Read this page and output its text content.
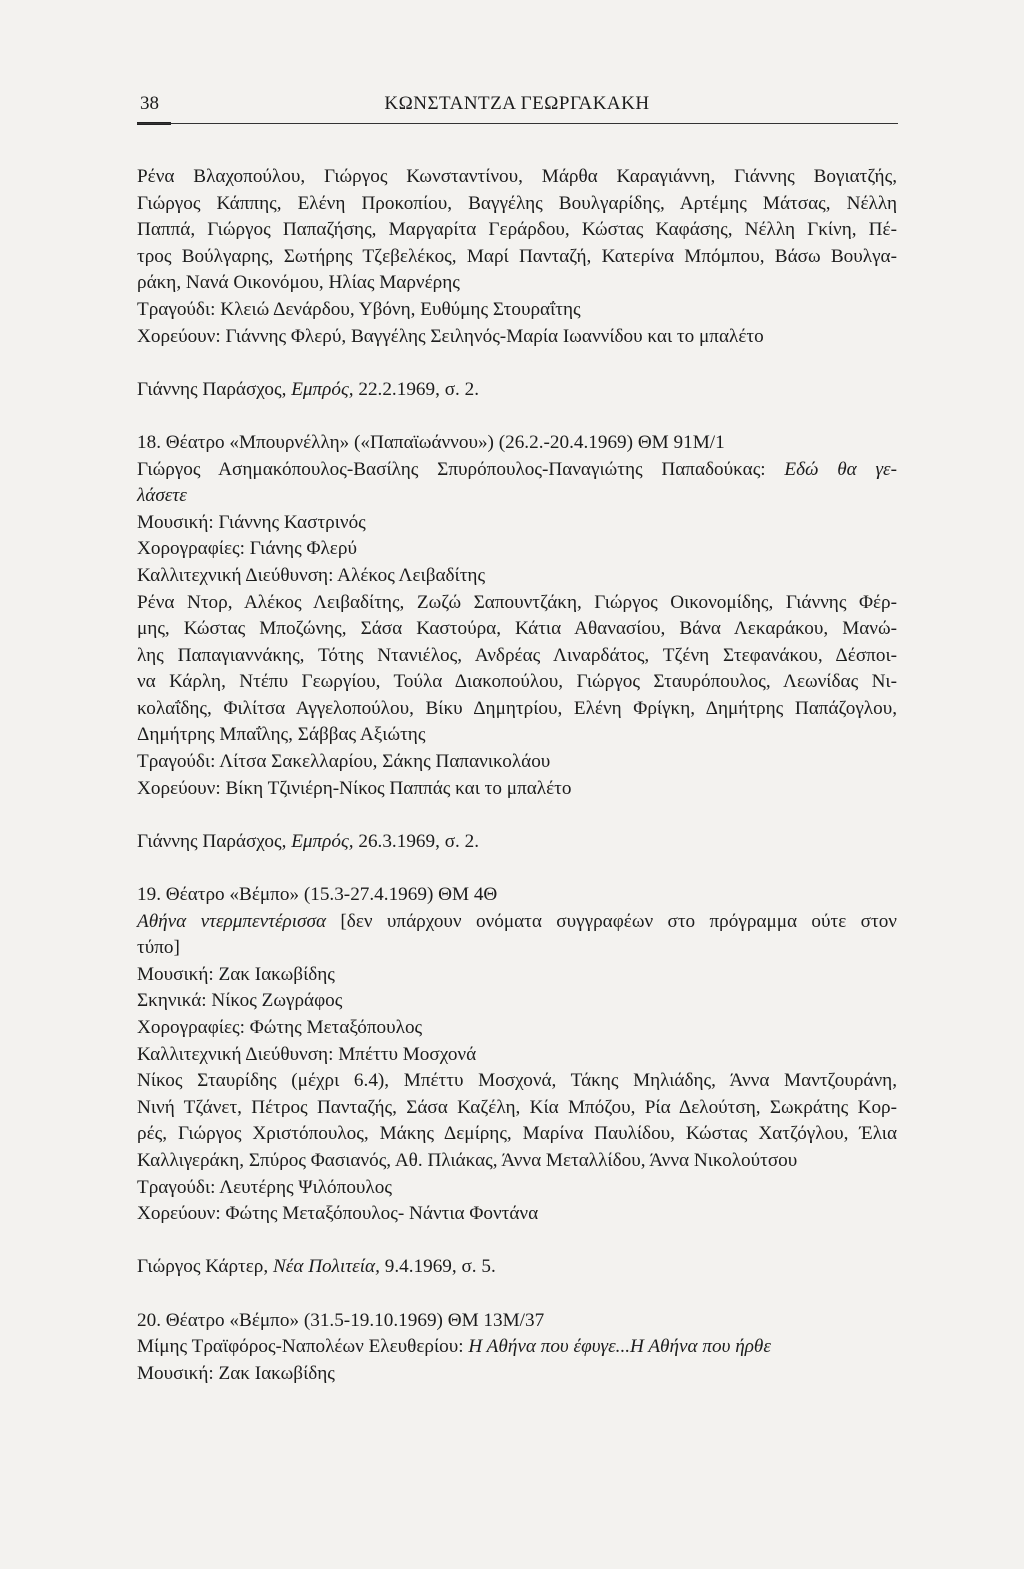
38	ΚΩΝΣΤΑΝΤΖΑ ΓΕΩΡΓΑΚΑΚΗ
Ρένα Βλαχοπούλου, Γιώργος Κωνσταντίνου, Μάρθα Καραγιάννη, Γιάννης Βογιατζής,
Γιώργος Κάππης, Ελένη Προκοπίου, Βαγγέλης Βουλγαρίδης, Αρτέμης Μάτσας, Νέλλη
Παππά, Γιώργος Παπαζήσης, Μαργαρίτα Γεράρδου, Κώστας Καφάσης, Νέλλη Γκίνη, Πέ-
τρος Βούλγαρης, Σωτήρης Τζεβελέκος, Μαρί Πανταζή, Κατερίνα Μπόμπου, Βάσω Βουλγα-
ράκη, Νανά Οικονόμου, Ηλίας Μαρνέρης
Τραγούδι: Κλειώ Δενάρδου, Υβόνη, Ευθύμης Στουραΐτης
Χορεύουν: Γιάννης Φλερύ, Βαγγέλης Σειληνός-Μαρία Ιωαννίδου και το μπαλέτο
Γιάννης Παράσχος, Εμπρός, 22.2.1969, σ. 2.
18. Θέατρο «Μπουρνέλλη» («Παπαϊωάννου») (26.2.-20.4.1969) ΘΜ 91Μ/1
Γιώργος Ασημακόπουλος-Βασίλης Σπυρόπουλος-Παναγιώτης Παπαδούκας: Εδώ θα γε-
λάσετε
Μουσική: Γιάννης Καστρινός
Χορογραφίες: Γιάνης Φλερύ
Καλλιτεχνική Διεύθυνση: Αλέκος Λειβαδίτης
Ρένα Ντορ, Αλέκος Λειβαδίτης, Ζωζώ Σαπουντζάκη, Γιώργος Οικονομίδης, Γιάννης Φέρ-
μης, Κώστας Μποζώνης, Σάσα Καστούρα, Κάτια Αθανασίου, Βάνα Λεκαράκου, Μανώ-
λης Παπαγιαννάκης, Τότης Ντανιέλος, Ανδρέας Λιναρδάτος, Τζένη Στεφανάκου, Δέσποι-
να Κάρλη, Ντέπυ Γεωργίου, Τούλα Διακοπούλου, Γιώργος Σταυρόπουλος, Λεωνίδας Νι-
κολαΐδης, Φιλίτσα Αγγελοπούλου, Βίκυ Δημητρίου, Ελένη Φρίγκη, Δημήτρης Παπάζογλου,
Δημήτρης Μπαΐλης, Σάββας Αξιώτης
Τραγούδι: Λίτσα Σακελλαρίου, Σάκης Παπανικολάου
Χορεύουν: Βίκη Τζινιέρη-Νίκος Παππάς και το μπαλέτο
Γιάννης Παράσχος, Εμπρός, 26.3.1969, σ. 2.
19. Θέατρο «Βέμπο» (15.3-27.4.1969) ΘΜ 4Θ
Αθήνα ντερμπεντέρισσα [δεν υπάρχουν ονόματα συγγραφέων στο πρόγραμμα ούτε στον
τύπο]
Μουσική: Ζακ Ιακωβίδης
Σκηνικά: Νίκος Ζωγράφος
Χορογραφίες: Φώτης Μεταξόπουλος
Καλλιτεχνική Διεύθυνση: Μπέττυ Μοσχονά
Νίκος Σταυρίδης (μέχρι 6.4), Μπέττυ Μοσχονά, Τάκης Μηλιάδης, Άννα Μαντζουράνη,
Νινή Τζάνετ, Πέτρος Πανταζής, Σάσα Καζέλη, Κία Μπόζου, Ρία Δελούτση, Σωκράτης Κορ-
ρές, Γιώργος Χριστόπουλος, Μάκης Δεμίρης, Μαρίνα Παυλίδου, Κώστας Χατζόγλου, Έλια
Καλλιγεράκη, Σπύρος Φασιανός, Αθ. Πλιάκας, Άννα Μεταλλίδου, Άννα Νικολούτσου
Τραγούδι: Λευτέρης Ψιλόπουλος
Χορεύουν: Φώτης Μεταξόπουλος- Νάντια Φοντάνα
Γιώργος Κάρτερ, Νέα Πολιτεία, 9.4.1969, σ. 5.
20. Θέατρο «Βέμπο» (31.5-19.10.1969) ΘΜ 13Μ/37
Μίμης Τραϊφόρος-Ναπολέων Ελευθερίου: Η Αθήνα που έφυγε...Η Αθήνα που ήρθε
Μουσική: Ζακ Ιακωβίδης
